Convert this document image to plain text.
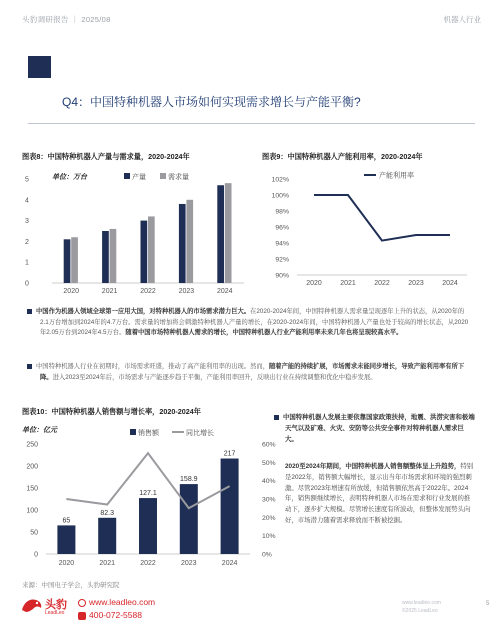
头豹调研报告 ｜ 2025/08	机器人行业
Q4：中国特种机器人市场如何实现需求增长与产能平衡?
图表8：中国特种机器人产量与需求量，2020-2024年
0
1
2
3
4
5
2020	2021	2022	2023	2024
单位：万台	产量	需求量
图表9：中国特种机器人产能利用率，2020-2024年
90%
92%
94%
96%
98%
100%
102%
2020	2021	2022	2023	2024
产能利用率
中国作为机器人领域全球第一应用大国，对特种机器人的市场需求潜力巨大。在2020-2024年间，中国特种机器人需求量呈现逐年上升的状态，从2020年的2.1万台增加到2024年的4.7万台。需求量的增加将会刺激特种机器人产量的增长，在2020-2024年间，中国特种机器人产量也处于较高的增长状态，从2020年2.05万台到2024年4.5万台。随着中国市场特种机器人需求的增长，中国特种机器人行业产能利用率未来几年也将呈现较高水平。
中国特种机器人行业在初期时，市场需求旺盛，推动了高产能利用率的出现。然而，随着产能的持续扩展，市场需求未能同步增长，导致产能利用率有所下降。进入2023至2024年后，市场需求与产能逐步趋于平衡，产能利用率回升，反映出行业在持续调整和优化中稳步发展。
图表10：中国特种机器人销售额与增长率，2020-2024年
0
50
100
150
200
250
0%
10%
20%
30%
40%
50%
60%
65
2020
82.3
2021
127.1
2022
158.9
2023
217
2024
单位：亿元	销售额	同比增长
中国特种机器人发展主要依靠国家政策扶持，地震、洪涝灾害和极端天气以及矿难、火灾、安防等公共安全事件对特种机器人需求巨大。
2020至2024年期间，中国特种机器人销售额整体呈上升趋势，特别是2022年，销售额大幅增长，显示出当年市场需求和环境的强烈刺激。尽管2023年增速有所放缓，但销售额依然高于2022年。2024年，销售额继续增长，表明特种机器人市场在需求和行业发展的推动下，逐步扩大规模。尽管增长速度有所波动，但整体发展势头向好，市场潜力随着需求释放而不断被挖掘。
来源：中国电子学会，头豹研究院
头豹
LeadLeo
www.leadleo.com
400-072-5588
www.leadleo.com
©2025 LeadLeo
5
